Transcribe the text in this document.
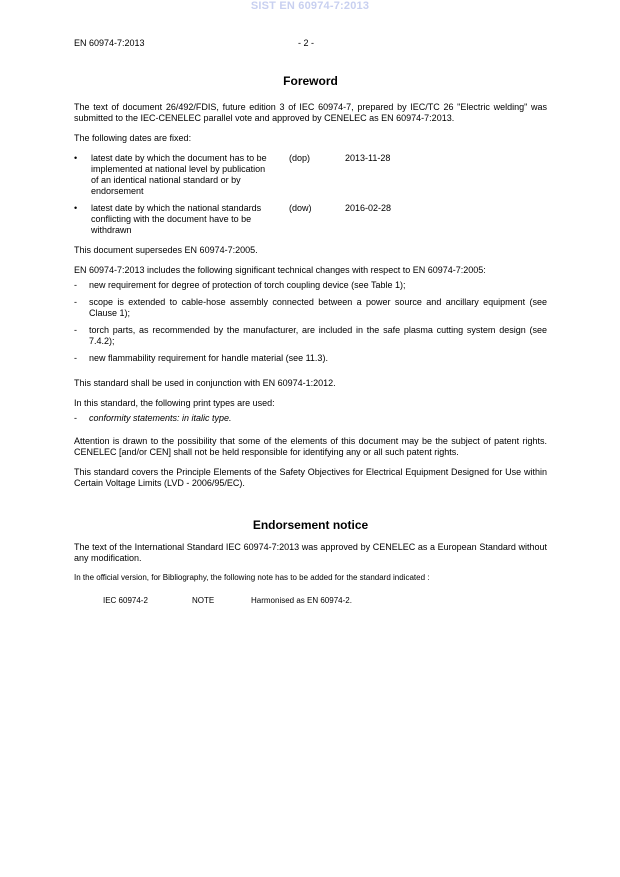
SIST EN 60974-7:2013
EN 60974-7:2013	- 2 -
Foreword

The text of document 26/492/FDIS, future edition 3 of IEC 60974-7, prepared by IEC/TC 26 "Electric welding" was submitted to the IEC-CENELEC parallel vote and approved by CENELEC as EN 60974-7:2013.

The following dates are fixed:

• latest date by which the document has to be implemented at national level by publication of an identical national standard or by endorsement
(dop)	2013-11-28
• latest date by which the national standards conflicting with the document have to be withdrawn
(dow)	2016-02-28

This document supersedes EN 60974-7:2005.

EN 60974-7:2013 includes the following significant technical changes with respect to EN 60974-7:2005:

- new requirement for degree of protection of torch coupling device (see Table 1);
- scope is extended to cable-hose assembly connected between a power source and ancillary equipment (see Clause 1);
- torch parts, as recommended by the manufacturer, are included in the safe plasma cutting system design (see 7.4.2);
- new flammability requirement for handle material (see 11.3).

This standard shall be used in conjunction with EN 60974-1:2012.

In this standard, the following print types are used:

- conformity statements: in italic type.

Attention is drawn to the possibility that some of the elements of this document may be the subject of patent rights. CENELEC [and/or CEN] shall not be held responsible for identifying any or all such patent rights.

This standard covers the Principle Elements of the Safety Objectives for Electrical Equipment Designed for Use within Certain Voltage Limits (LVD - 2006/95/EC).

Endorsement notice

The text of the International Standard IEC 60974-7:2013 was approved by CENELEC as a European Standard without any modification.

In the official version, for Bibliography, the following note has to be added for the standard indicated :

IEC 60974-2	NOTE	Harmonised as EN 60974-2.
